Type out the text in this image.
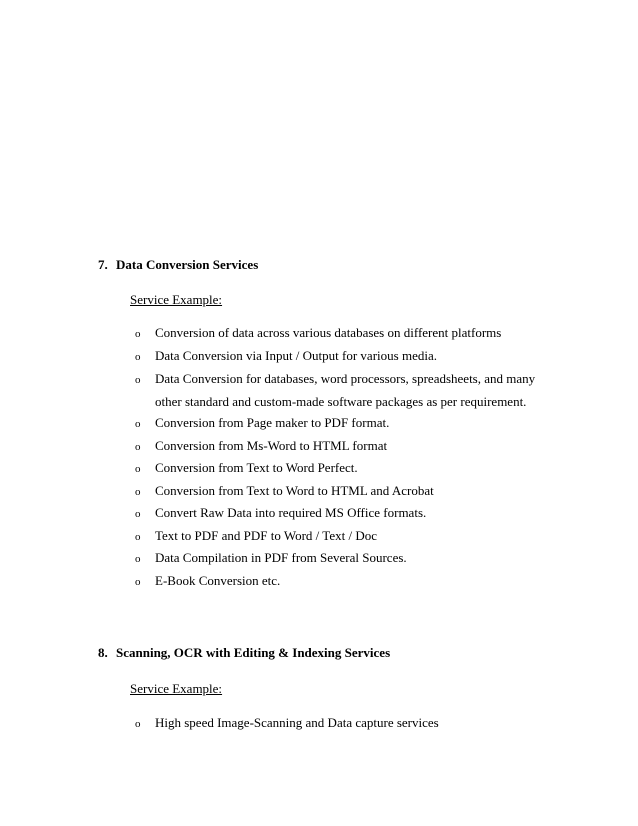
7. Data Conversion Services
Service Example:
o Conversion of data across various databases on different platforms
o Data Conversion via Input / Output for various media.
o Data Conversion for databases, word processors, spreadsheets, and many
other standard and custom-made software packages as per requirement.
o Conversion from Page maker to PDF format.
o Conversion from Ms-Word to HTML format
o Conversion from Text to Word Perfect.
o Conversion from Text to Word to HTML and Acrobat
o Convert Raw Data into required MS Office formats.
o Text to PDF and PDF to Word / Text / Doc
o Data Compilation in PDF from Several Sources.
o E-Book Conversion etc.
8. Scanning, OCR with Editing & Indexing Services
Service Example:
o High speed Image-Scanning and Data capture services
